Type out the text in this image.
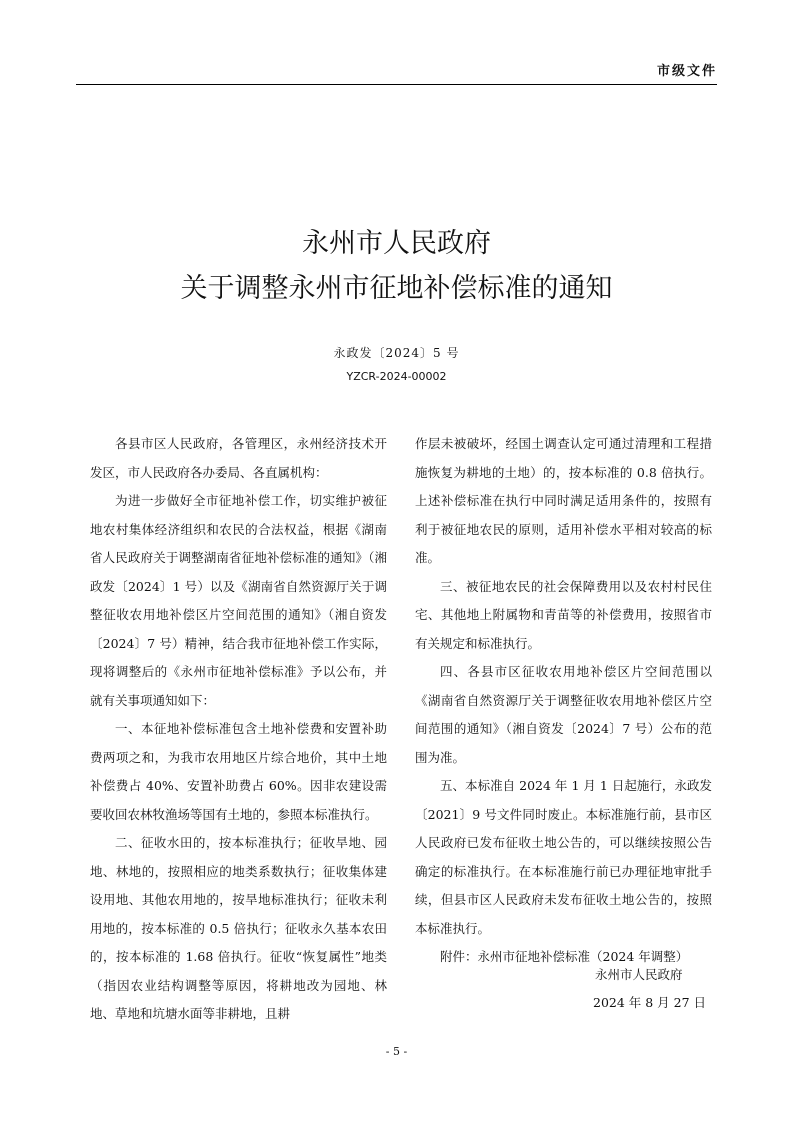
市级文件
永州市人民政府
关于调整永州市征地补偿标准的通知
永政发〔2024〕5 号
YZCR-2024-00002

各县市区人民政府，各管理区，永州经济技术开发区，市人民政府各办委局、各直属机构：

为进一步做好全市征地补偿工作，切实维护被征地农村集体经济组织和农民的合法权益，根据《湖南省人民政府关于调整湖南省征地补偿标准的通知》（湘政发〔2024〕1 号）以及《湖南省自然资源厅关于调整征收农用地补偿区片空间范围的通知》（湘自资发〔2024〕7 号）精神，结合我市征地补偿工作实际，现将调整后的《永州市征地补偿标准》予以公布，并就有关事项通知如下：

一、本征地补偿标准包含土地补偿费和安置补助费两项之和，为我市农用地区片综合地价，其中土地补偿费占 40%、安置补助费占 60%。因非农建设需要收回农林牧渔场等国有土地的，参照本标准执行。

二、征收水田的，按本标准执行；征收旱地、园地、林地的，按照相应的地类系数执行；征收集体建设用地、其他农用地的，按旱地标准执行；征收未利用地的，按本标准的 0.5 倍执行；征收永久基本农田的，按本标准的 1.68 倍执行。征收“恢复属性”地类（指因农业结构调整等原因，将耕地改为园地、林地、草地和坑塘水面等非耕地，且耕

作层未被破坏，经国土调查认定可通过清理和工程措施恢复为耕地的土地）的，按本标准的 0.8 倍执行。上述补偿标准在执行中同时满足适用条件的，按照有利于被征地农民的原则，适用补偿水平相对较高的标准。

三、被征地农民的社会保障费用以及农村村民住宅、其他地上附属物和青苗等的补偿费用，按照省市有关规定和标准执行。

四、各县市区征收农用地补偿区片空间范围以《湖南省自然资源厅关于调整征收农用地补偿区片空间范围的通知》（湘自资发〔2024〕7 号）公布的范围为准。

五、本标准自 2024 年 1 月 1 日起施行，永政发〔2021〕9 号文件同时废止。本标准施行前，县市区人民政府已发布征收土地公告的，可以继续按照公告确定的标准执行。在本标准施行前已办理征地审批手续，但县市区人民政府未发布征收土地公告的，按照本标准执行。

附件：永州市征地补偿标准（2024 年调整）

永州市人民政府
2024 年 8 月 27 日
- 5 -
